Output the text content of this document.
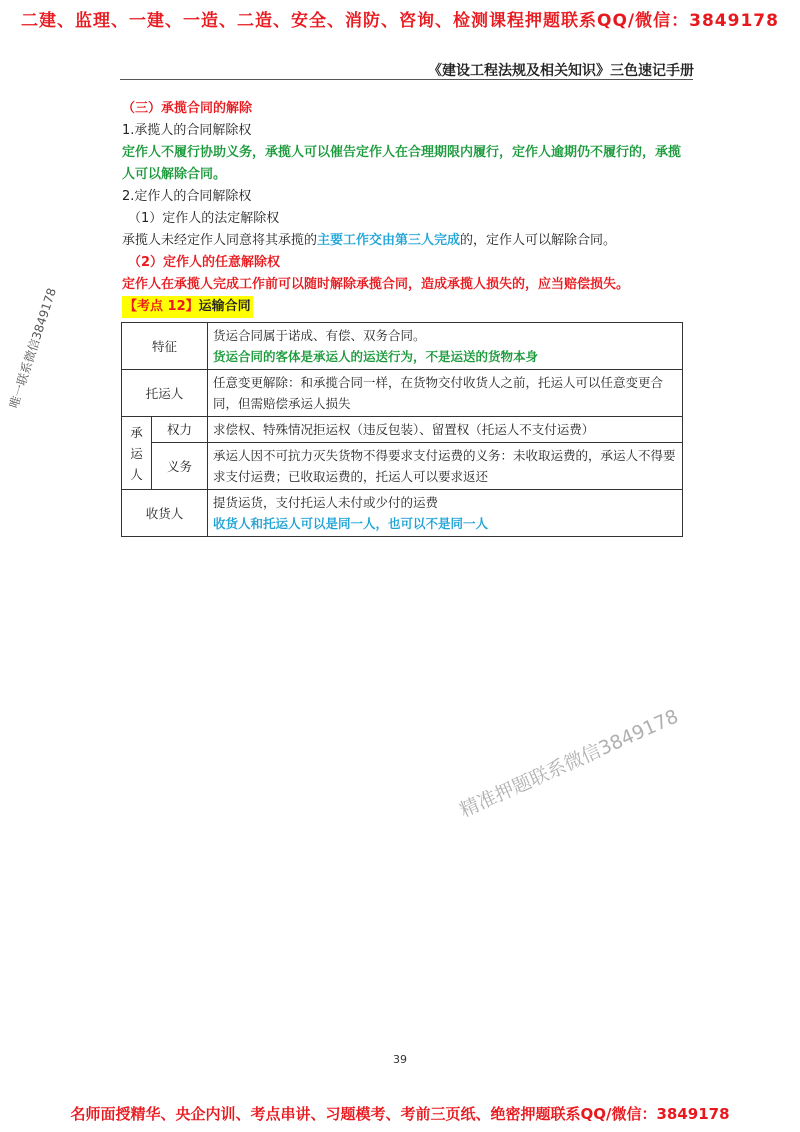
二建、监理、一建、一造、二造、安全、消防、咨询、检测课程押题联系QQ/微信：3849178
《建设工程法规及相关知识》三色速记手册

（三）承揽合同的解除

1.承揽人的合同解除权

定作人不履行协助义务，承揽人可以催告定作人在合理期限内履行，定作人逾期仍不履行的，承揽人可以解除合同。

2.定作人的合同解除权

（1）定作人的法定解除权

承揽人未经定作人同意将其承揽的主要工作交由第三人完成的，定作人可以解除合同。

（2）定作人的任意解除权

定作人在承揽人完成工作前可以随时解除承揽合同，造成承揽人损失的，应当赔偿损失。

【考点 12】运输合同

特征		货运合同属于诺成、有偿、双务合同。
货运合同的客体是承运人的运送行为，不是运送的货物本身

托运人		任意变更解除：和承揽合同一样，在货物交付收货人之前，托运人可以任意变更合同，但需赔偿承运人损失
承运人	权力	求偿权、特殊情况拒运权（违反包装）、留置权（托运人不支付运费）
	义务	承运人因不可抗力灭失货物不得要求支付运费的义务：未收取运费的，承运人不得要求支付运费；已收取运费的，托运人可以要求返还
收货人		提货运货，支付托运人未付或少付的运费
收货人和托运人可以是同一人，也可以不是同一人
唯一联系微信3849178
精准押题联系微信3849178
39
名师面授精华、央企内训、考点串讲、习题模考、考前三页纸、绝密押题联系QQ/微信：3849178
